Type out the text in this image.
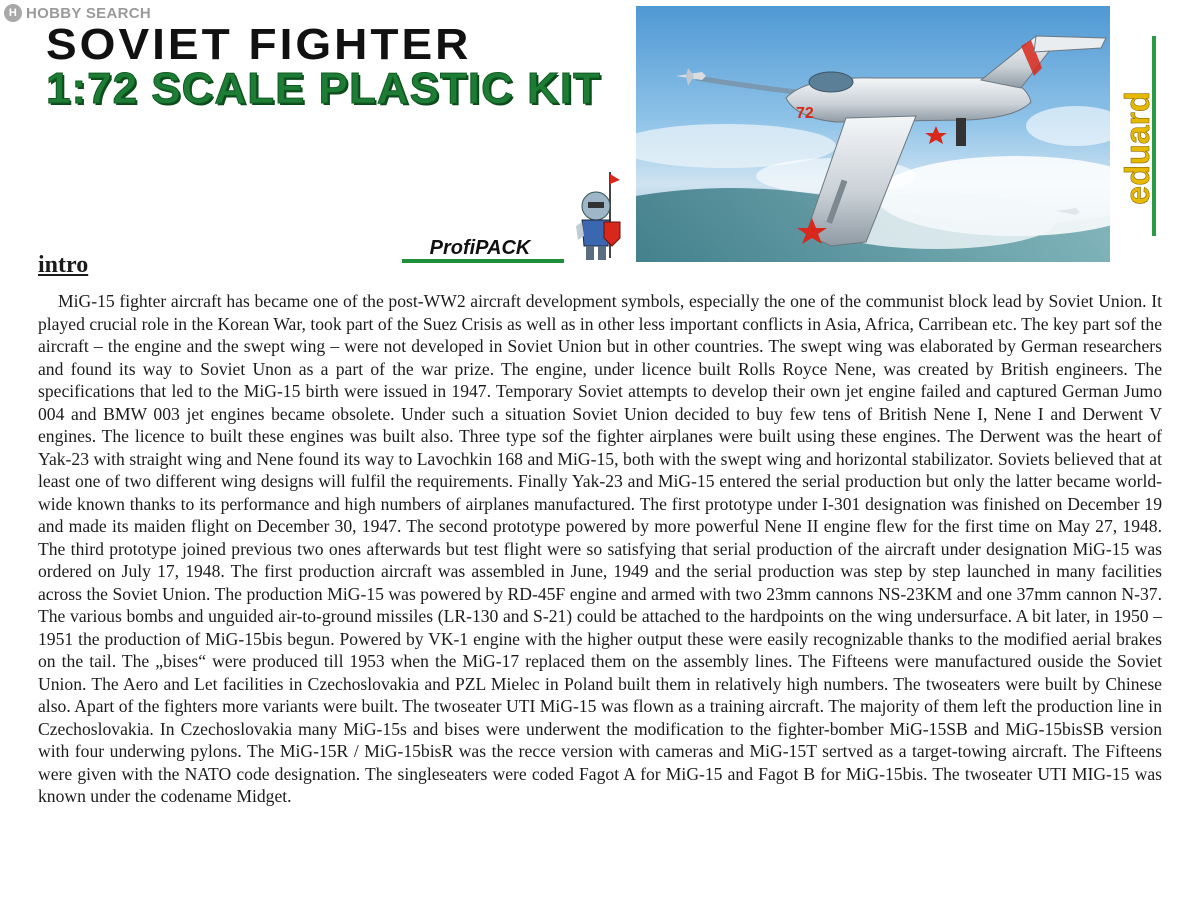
H HOBBY SEARCH
SOVIET FIGHTER
1:72 SCALE PLASTIC KIT
72	eduard
ProfiPACK
intro

MiG-15 fighter aircraft has became one of the post-WW2 aircraft development symbols, especially the one of the communist block lead by Soviet Union. It played crucial role in the Korean War, took part of the Suez Crisis as well as in other less important conflicts in Asia, Africa, Carribean etc. The key part sof the aircraft – the engine and the swept wing – were not developed in Soviet Union but in other countries. The swept wing was elaborated by German researchers and found its way to Soviet Unon as a part of the war prize. The engine, under licence built Rolls Royce Nene, was created by British engineers. The specifications that led to the MiG-15 birth were issued in 1947. Temporary Soviet attempts to develop their own jet engine failed and captured German Jumo 004 and BMW 003 jet engines became obsolete. Under such a situation Soviet Union decided to buy few tens of British Nene I, Nene I and Derwent V engines. The licence to built these engines was built also. Three type sof the fighter airplanes were built using these engines. The Derwent was the heart of Yak-23 with straight wing and Nene found its way to Lavochkin 168 and MiG-15, both with the swept wing and horizontal stabilizator. Soviets believed that at least one of two different wing designs will fulfil the requirements. Finally Yak-23 and MiG-15 entered the serial production but only the latter became world-wide known thanks to its performance and high numbers of airplanes manufactured. The first prototype under I-301 designation was finished on December 19 and made its maiden flight on December 30, 1947. The second prototype powered by more powerful Nene II engine flew for the first time on May 27, 1948. The third prototype joined previous two ones afterwards but test flight were so satisfying that serial production of the aircraft under designation MiG-15 was ordered on July 17, 1948. The first production aircraft was assembled in June, 1949 and the serial production was step by step launched in many facilities across the Soviet Union. The production MiG-15 was powered by RD-45F engine and armed with two 23mm cannons NS-23KM and one 37mm cannon N-37. The various bombs and unguided air-to-ground missiles (LR-130 and S-21) could be attached to the hardpoints on the wing undersurface. A bit later, in 1950 – 1951 the production of MiG-15bis begun. Powered by VK-1 engine with the higher output these were easily recognizable thanks to the modified aerial brakes on the tail. The „bises“ were produced till 1953 when the MiG-17 replaced them on the assembly lines. The Fifteens were manufactured ouside the Soviet Union. The Aero and Let facilities in Czechoslovakia and PZL Mielec in Poland built them in relatively high numbers. The twoseaters were built by Chinese also. Apart of the fighters more variants were built. The twoseater UTI MiG-15 was flown as a training aircraft. The majority of them left the production line in Czechoslovakia. In Czechoslovakia many MiG-15s and bises were underwent the modification to the fighter-bomber MiG-15SB and MiG-15bisSB version with four underwing pylons. The MiG-15R / MiG-15bisR was the recce version with cameras and MiG-15T sertved as a target-towing aircraft. The Fifteens were given with the NATO code designation. The singleseaters were coded Fagot A for MiG-15 and Fagot B for MiG-15bis. The twoseater UTI MIG-15 was known under the codename Midget.
